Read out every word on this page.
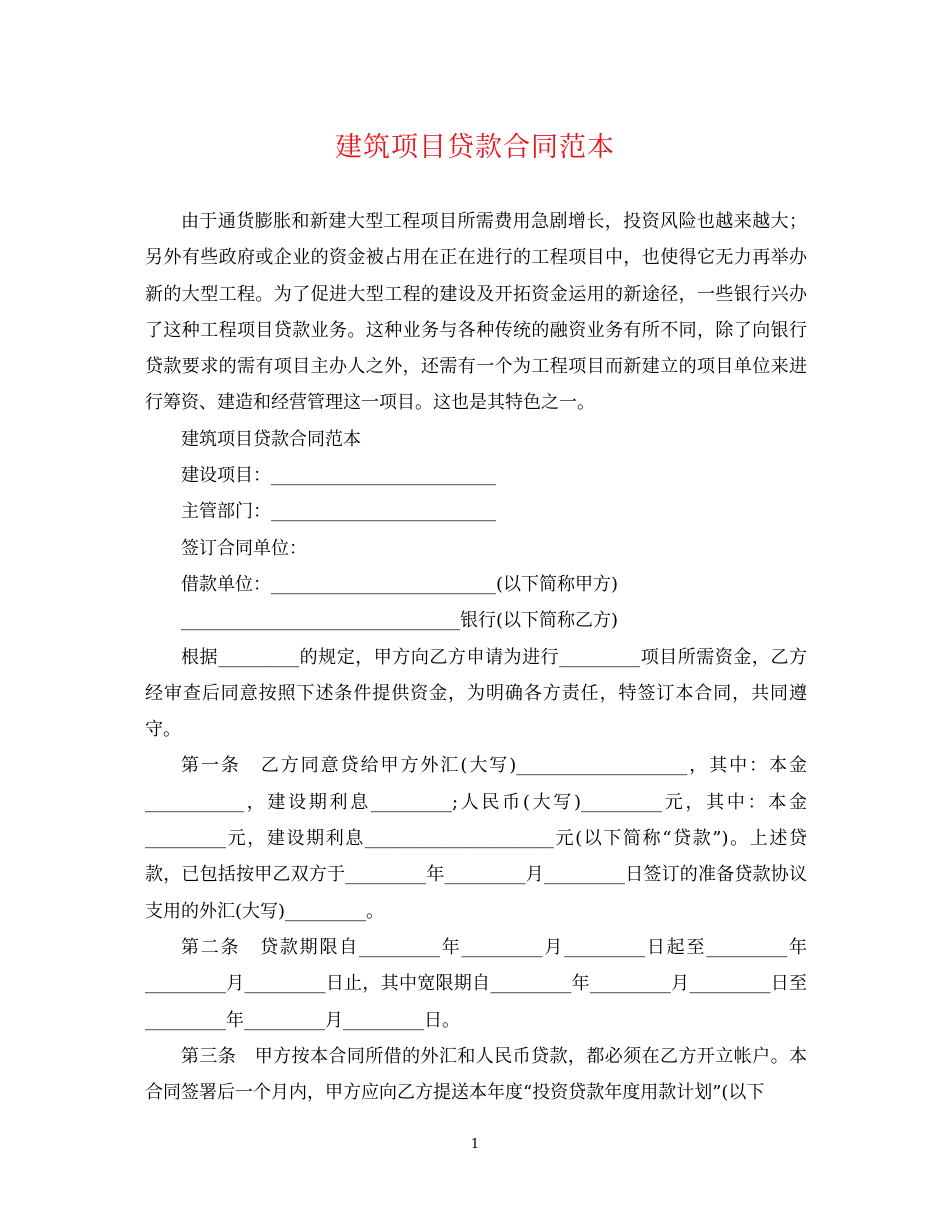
建筑项目贷款合同范本

由于通货膨胀和新建大型工程项目所需费用急剧增长，投资风险也越来越大；另外有些政府或企业的资金被占用在正在进行的工程项目中，也使得它无力再举办新的大型工程。为了促进大型工程的建设及开拓资金运用的新途径，一些银行兴办了这种工程项目贷款业务。这种业务与各种传统的融资业务有所不同，除了向银行贷款要求的需有项目主办人之外，还需有一个为工程项目而新建立的项目单位来进行筹资、建造和经营管理这一项目。这也是其特色之一。

建筑项目贷款合同范本

建设项目：_________________________

主管部门：_________________________

签订合同单位：

借款单位：_________________________(以下简称甲方)

_______________________________银行(以下简称乙方)

根据_________的规定，甲方向乙方申请为进行_________项目所需资金，乙方经审查后同意按照下述条件提供资金，为明确各方责任，特签订本合同，共同遵守。

第一条　乙方同意贷给甲方外汇(大写)___________________，其中：本金___________，建设期利息_________;人民币(大写)_________元，其中：本金_________元，建设期利息_____________________元(以下简称“贷款”)。上述贷款，已包括按甲乙双方于_________年_________月_________日签订的准备贷款协议支用的外汇(大写)_________。

第二条　贷款期限自_________年_________月_________日起至_________年_________月_________日止，其中宽限期自_________年_________月_________日至_________年_________月_________日。

第三条　甲方按本合同所借的外汇和人民币贷款，都必须在乙方开立帐户。本合同签署后一个月内，甲方应向乙方提送本年度“投资贷款年度用款计划”(以下

1
